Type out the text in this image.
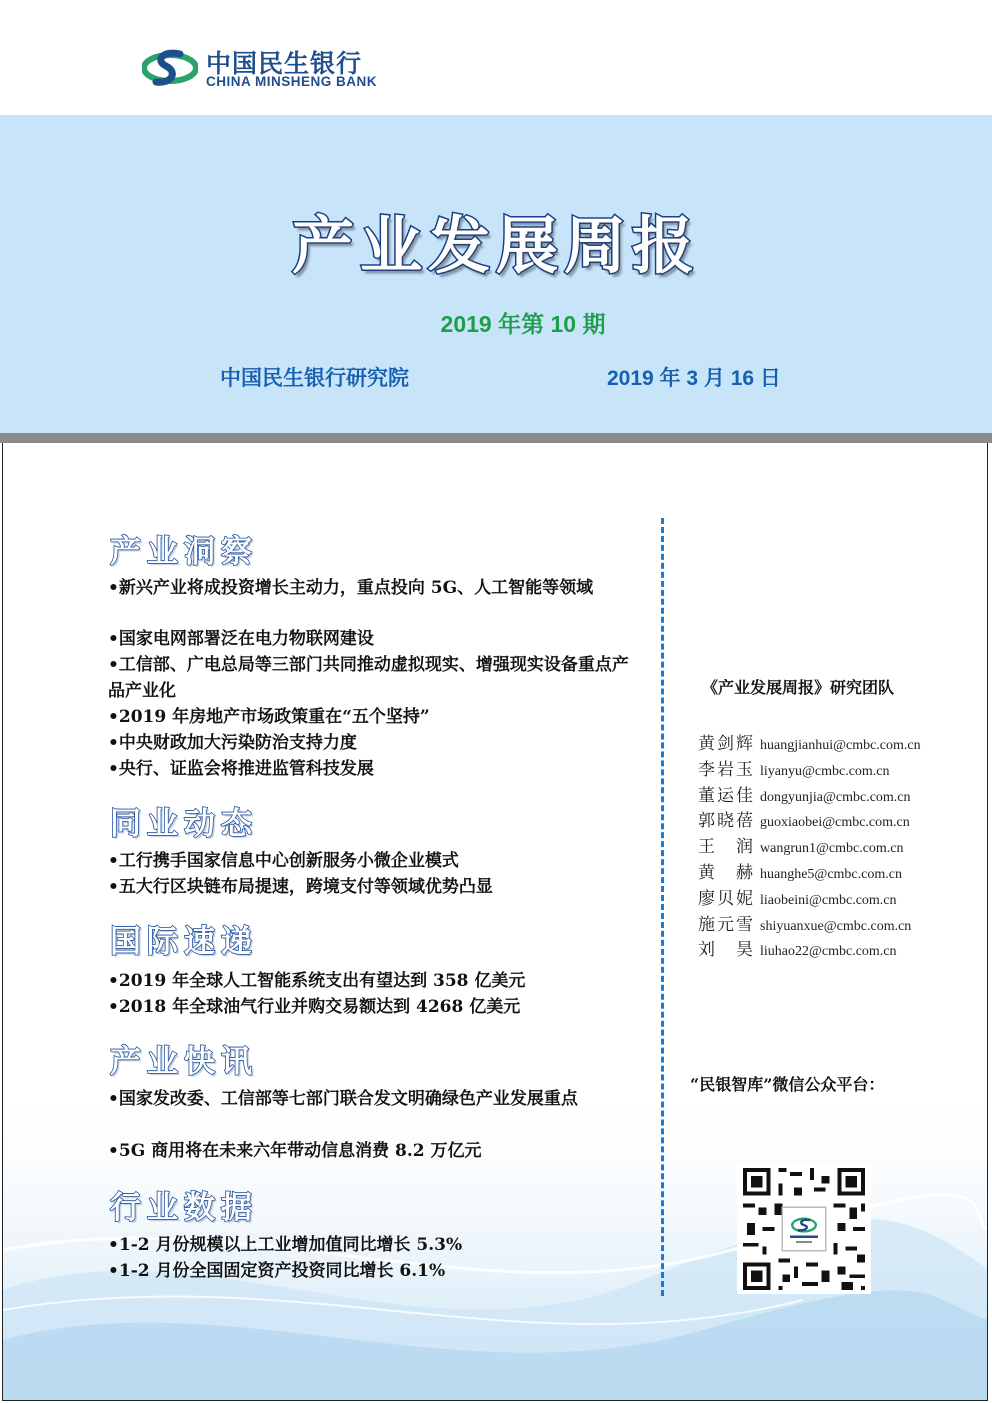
中国民生银行
CHINA MINSHENG BANK
产业发展周报
2019 年第 10 期
中国民生银行研究院	2019 年 3 月 16 日
产业洞察
•新兴产业将成投资增长主动力，重点投向 5G、人工智能等领域
•国家电网部署泛在电力物联网建设
•工信部、广电总局等三部门共同推动虚拟现实、增强现实设备重点产品产业化
•2019 年房地产市场政策重在“五个坚持”
•中央财政加大污染防治支持力度
•央行、证监会将推进监管科技发展
同业动态
•工行携手国家信息中心创新服务小微企业模式
•五大行区块链布局提速，跨境支付等领域优势凸显
国际速递
•2019 年全球人工智能系统支出有望达到 358 亿美元
•2018 年全球油气行业并购交易额达到 4268 亿美元
产业快讯
•国家发改委、工信部等七部门联合发文明确绿色产业发展重点
•5G 商用将在未来六年带动信息消费 8.2 万亿元
行业数据
•1-2 月份规模以上工业增加值同比增长 5.3%
•1-2 月份全国固定资产投资同比增长 6.1%
《产业发展周报》研究团队
黄剑辉 huangjianhui@cmbc.com.cn
李岩玉 liyanyu@cmbc.com.cn
董运佳 dongyunjia@cmbc.com.cn
郭晓蓓 guoxiaobei@cmbc.com.cn
王　润 wangrun1@cmbc.com.cn
黄　赫 huanghe5@cmbc.com.cn
廖贝妮 liaobeini@cmbc.com.cn
施元雪 shiyuanxue@cmbc.com.cn
刘　昊 liuhao22@cmbc.com.cn
“民银智库”微信公众平台：
